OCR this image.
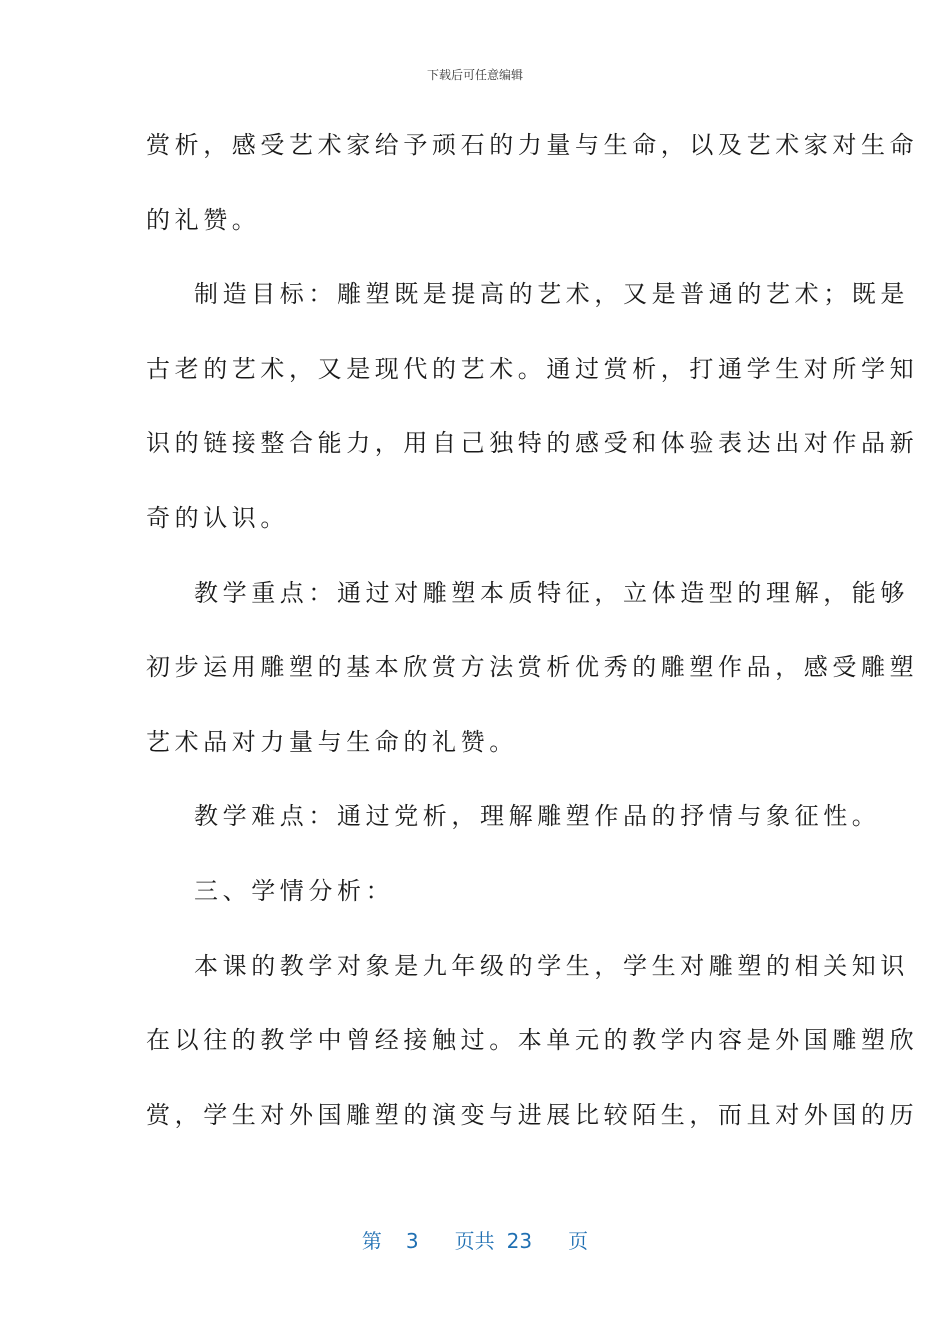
下载后可任意编辑
赏析，感受艺术家给予顽石的力量与生命，以及艺术家对生命
的礼赞。
制造目标：雕塑既是提高的艺术，又是普通的艺术；既是
古老的艺术，又是现代的艺术。通过赏析，打通学生对所学知
识的链接整合能力，用自己独特的感受和体验表达出对作品新
奇的认识。
教学重点：通过对雕塑本质特征，立体造型的理解，能够
初步运用雕塑的基本欣赏方法赏析优秀的雕塑作品，感受雕塑
艺术品对力量与生命的礼赞。
教学难点：通过党析，理解雕塑作品的抒情与象征性。
三、学情分析：
本课的教学对象是九年级的学生，学生对雕塑的相关知识
在以往的教学中曾经接触过。本单元的教学内容是外国雕塑欣
赏，学生对外国雕塑的演变与进展比较陌生，而且对外国的历
第 3 页共 23 页
